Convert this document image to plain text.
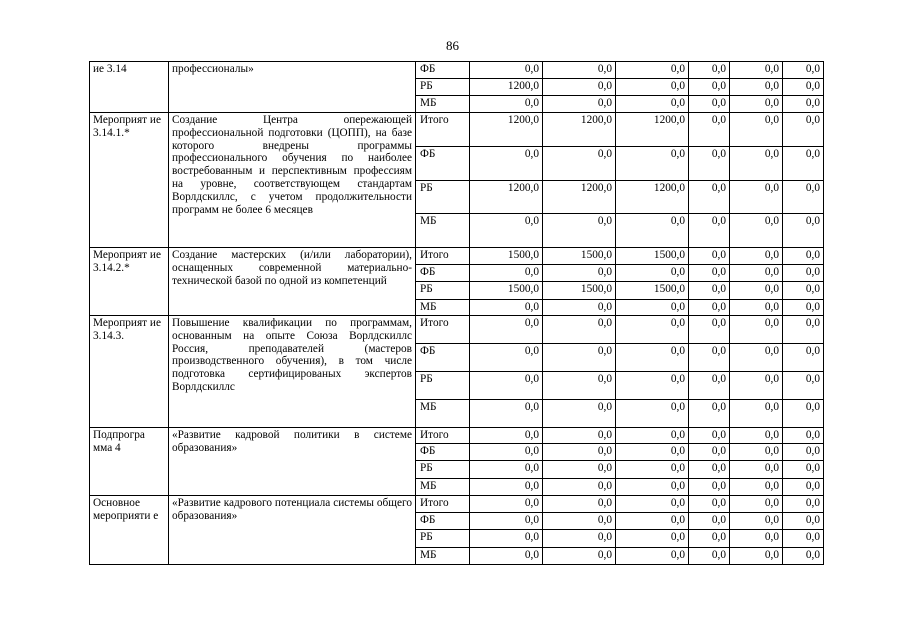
86
ие 3.14	профессионалы»	ФБ	0,0	0,0	0,0	0,0	0,0	0,0
		РБ	1200,0	0,0	0,0	0,0	0,0	0,0
		МБ	0,0	0,0	0,0	0,0	0,0	0,0
Мероприят ие 3.14.1.*	Создание Центра опережающей профессиональной подготовки (ЦОПП), на базе которого внедрены программы профессионального обучения по наиболее востребованным и перспективным профессиям на уровне, соответствующем стандартам Ворлдскиллс, с учетом продолжительности программ не более 6 месяцев	Итого	1200,0	1200,0	1200,0	0,0	0,0	0,0
		ФБ	0,0	0,0	0,0	0,0	0,0	0,0
		РБ	1200,0	1200,0	1200,0	0,0	0,0	0,0
		МБ	0,0	0,0	0,0	0,0	0,0	0,0
Мероприят ие 3.14.2.*	Создание мастерских (и/или лаборатории), оснащенных современной материально-технической базой по одной из компетенций	Итого	1500,0	1500,0	1500,0	0,0	0,0	0,0
		ФБ	0,0	0,0	0,0	0,0	0,0	0,0
		РБ	1500,0	1500,0	1500,0	0,0	0,0	0,0
		МБ	0,0	0,0	0,0	0,0	0,0	0,0
Мероприят ие 3.14.3.	Повышение квалификации по программам, основанным на опыте Союза Ворлдскиллс Россия, преподавателей (мастеров производственного обучения), в том числе подготовка сертифицированых экспертов Ворлдскиллс	Итого	0,0	0,0	0,0	0,0	0,0	0,0
		ФБ	0,0	0,0	0,0	0,0	0,0	0,0
		РБ	0,0	0,0	0,0	0,0	0,0	0,0
		МБ	0,0	0,0	0,0	0,0	0,0	0,0
Подпрогра мма 4	«Развитие кадровой политики в системе образования»	Итого	0,0	0,0	0,0	0,0	0,0	0,0
		ФБ	0,0	0,0	0,0	0,0	0,0	0,0
		РБ	0,0	0,0	0,0	0,0	0,0	0,0
		МБ	0,0	0,0	0,0	0,0	0,0	0,0
Основное мероприяти е	«Развитие кадрового потенциала системы общего образования»	Итого	0,0	0,0	0,0	0,0	0,0	0,0
		ФБ	0,0	0,0	0,0	0,0	0,0	0,0
		РБ	0,0	0,0	0,0	0,0	0,0	0,0
		МБ	0,0	0,0	0,0	0,0	0,0	0,0
